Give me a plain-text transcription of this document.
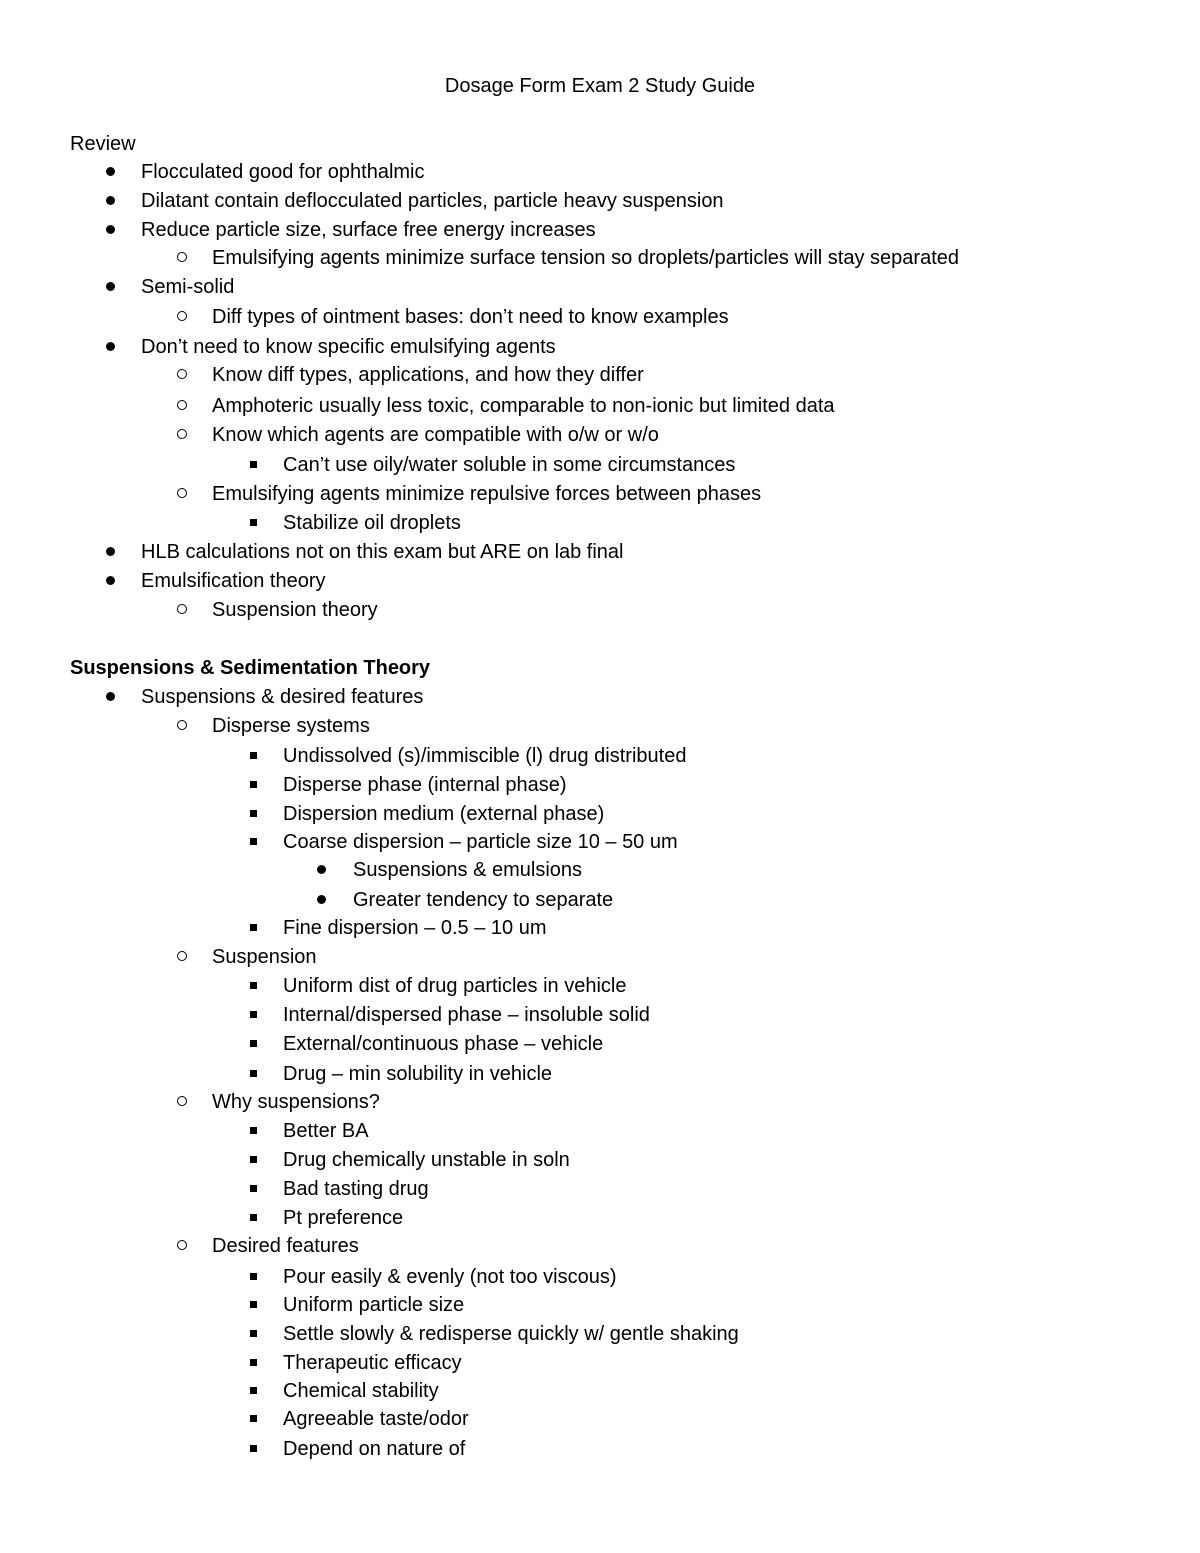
Dosage Form Exam 2 Study Guide
Review
Flocculated good for ophthalmic
Dilatant contain deflocculated particles, particle heavy suspension
Reduce particle size, surface free energy increases
Emulsifying agents minimize surface tension so droplets/particles will stay separated
Semi-solid
Diff types of ointment bases: don’t need to know examples
Don’t need to know specific emulsifying agents
Know diff types, applications, and how they differ
Amphoteric usually less toxic, comparable to non-ionic but limited data
Know which agents are compatible with o/w or w/o
Can’t use oily/water soluble in some circumstances
Emulsifying agents minimize repulsive forces between phases
Stabilize oil droplets
HLB calculations not on this exam but ARE on lab final
Emulsification theory
Suspension theory
Suspensions & Sedimentation Theory
Suspensions & desired features
Disperse systems
Undissolved (s)/immiscible (l) drug distributed
Disperse phase (internal phase)
Dispersion medium (external phase)
Coarse dispersion – particle size 10 – 50 um
Suspensions & emulsions
Greater tendency to separate
Fine dispersion – 0.5 – 10 um
Suspension
Uniform dist of drug particles in vehicle
Internal/dispersed phase – insoluble solid
External/continuous phase – vehicle
Drug – min solubility in vehicle
Why suspensions?
Better BA
Drug chemically unstable in soln
Bad tasting drug
Pt preference
Desired features
Pour easily & evenly (not too viscous)
Uniform particle size
Settle slowly & redisperse quickly w/ gentle shaking
Therapeutic efficacy
Chemical stability
Agreeable taste/odor
Depend on nature of
